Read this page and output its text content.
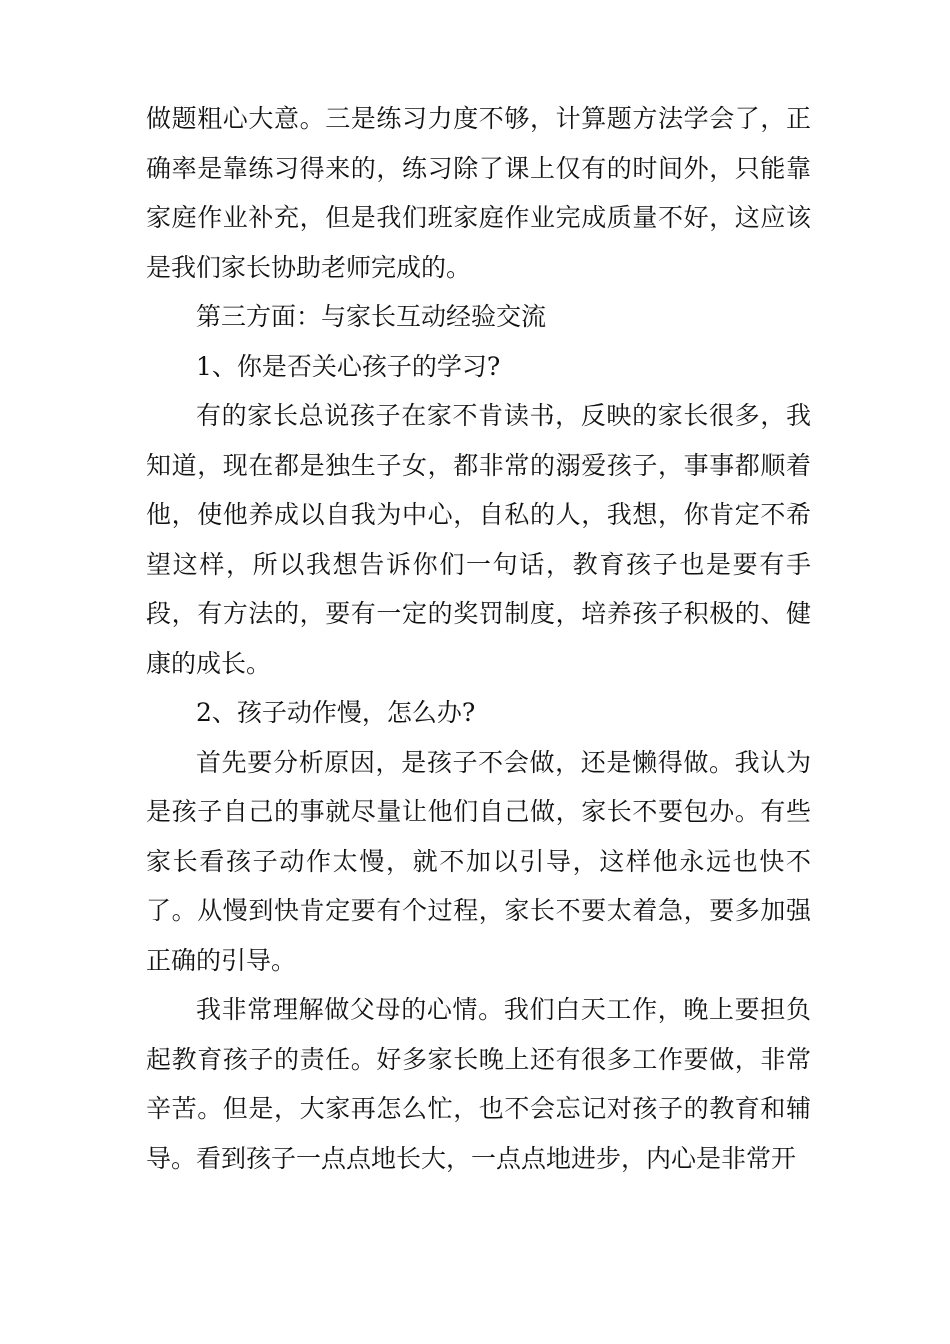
做题粗心大意。三是练习力度不够，计算题方法学会了，正确率是靠练习得来的，练习除了课上仅有的时间外，只能靠家庭作业补充，但是我们班家庭作业完成质量不好，这应该是我们家长协助老师完成的。

第三方面：与家长互动经验交流

1、你是否关心孩子的学习?

有的家长总说孩子在家不肯读书，反映的家长很多，我知道，现在都是独生子女，都非常的溺爱孩子，事事都顺着他，使他养成以自我为中心，自私的人，我想，你肯定不希望这样，所以我想告诉你们一句话，教育孩子也是要有手段，有方法的，要有一定的奖罚制度，培养孩子积极的、健康的成长。

2、孩子动作慢，怎么办?

首先要分析原因，是孩子不会做，还是懒得做。我认为是孩子自己的事就尽量让他们自己做，家长不要包办。有些家长看孩子动作太慢，就不加以引导，这样他永远也快不了。从慢到快肯定要有个过程，家长不要太着急，要多加强正确的引导。

我非常理解做父母的心情。我们白天工作，晚上要担负起教育孩子的责任。好多家长晚上还有很多工作要做，非常辛苦。但是，大家再怎么忙，也不会忘记对孩子的教育和辅导。看到孩子一点点地长大，一点点地进步，内心是非常开
